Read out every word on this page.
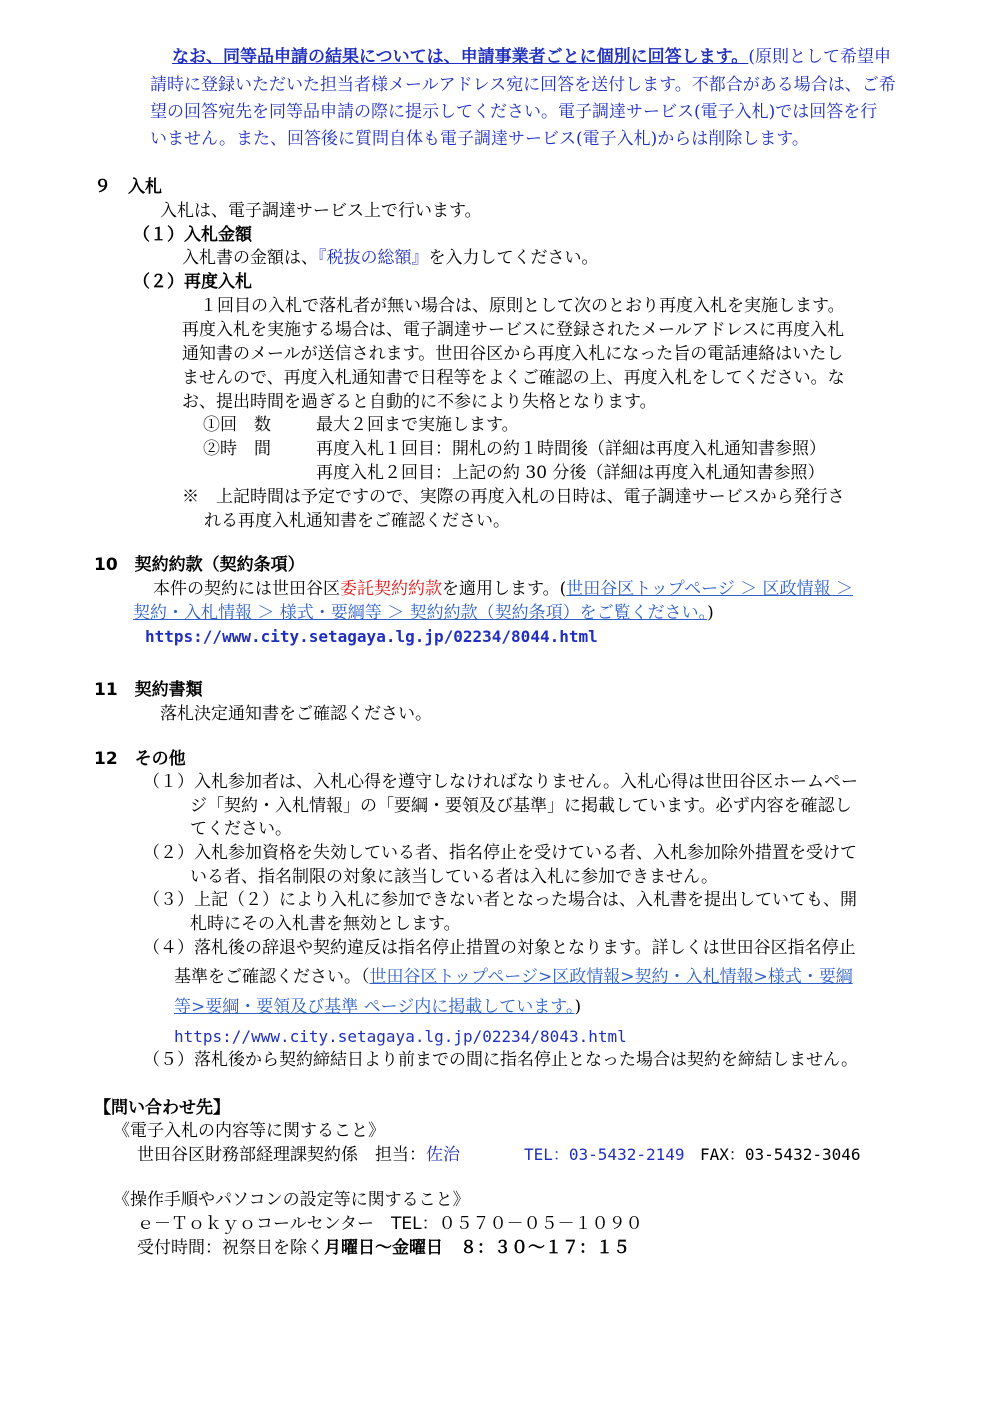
なお、同等品申請の結果については、申請事業者ごとに個別に回答します。(原則として希望申
請時に登録いただいた担当者様メールアドレス宛に回答を送付します。不都合がある場合は、ご希
望の回答宛先を同等品申請の際に提示してください。電子調達サービス(電子入札)では回答を行
いません。また、回答後に質問自体も電子調達サービス(電子入札)からは削除します。
９　入札
入札は、電子調達サービス上で行います。
（１）入札金額
入札書の金額は、『税抜の総額』を入力してください。
（２）再度入札
１回目の入札で落札者が無い場合は、原則として次のとおり再度入札を実施します。
再度入札を実施する場合は、電子調達サービスに登録されたメールアドレスに再度入札
通知書のメールが送信されます。世田谷区から再度入札になった旨の電話連絡はいたし
ませんので、再度入札通知書で日程等をよくご確認の上、再度入札をしてください。な
お、提出時間を過ぎると自動的に不参により失格となります。
①回　数	最大２回まで実施します。
②時　間	再度入札１回目：開札の約１時間後（詳細は再度入札通知書参照）
再度入札２回目：上記の約 30 分後（詳細は再度入札通知書参照）
※　上記時間は予定ですので、実際の再度入札の日時は、電子調達サービスから発行さ
れる再度入札通知書をご確認ください。
10　契約約款（契約条項）
本件の契約には世田谷区委託契約約款を適用します。(世田谷区トップページ ＞ 区政情報 ＞
契約・入札情報 ＞ 様式・要綱等 ＞ 契約約款（契約条項）をご覧ください。)
https://www.city.setagaya.lg.jp/02234/8044.html
11　契約書類
落札決定通知書をご確認ください。
12　その他
（１）入札参加者は、入札心得を遵守しなければなりません。入札心得は世田谷区ホームペー
ジ「契約・入札情報」の「要綱・要領及び基準」に掲載しています。必ず内容を確認し
てください。
（２）入札参加資格を失効している者、指名停止を受けている者、入札参加除外措置を受けて
いる者、指名制限の対象に該当している者は入札に参加できません。
（３）上記（２）により入札に参加できない者となった場合は、入札書を提出していても、開
札時にその入札書を無効とします。
（４）落札後の辞退や契約違反は指名停止措置の対象となります。詳しくは世田谷区指名停止
基準をご確認ください。（世田谷区トップページ>区政情報>契約・入札情報>様式・要綱
等>要綱・要領及び基準 ページ内に掲載しています。)
https://www.city.setagaya.lg.jp/02234/8043.html
（５）落札後から契約締結日より前までの間に指名停止となった場合は契約を締結しません。
【問い合わせ先】
《電子入札の内容等に関すること》
世田谷区財務部経理課契約係　担当：佐治	TEL：03-5432-2149 FAX：03-5432-3046
《操作手順やパソコンの設定等に関すること》
ｅ－Ｔｏｋｙｏコールセンター　TEL：０５７０－０５－１０９０
受付時間：祝祭日を除く月曜日～金曜日　８：３０～１７：１５
